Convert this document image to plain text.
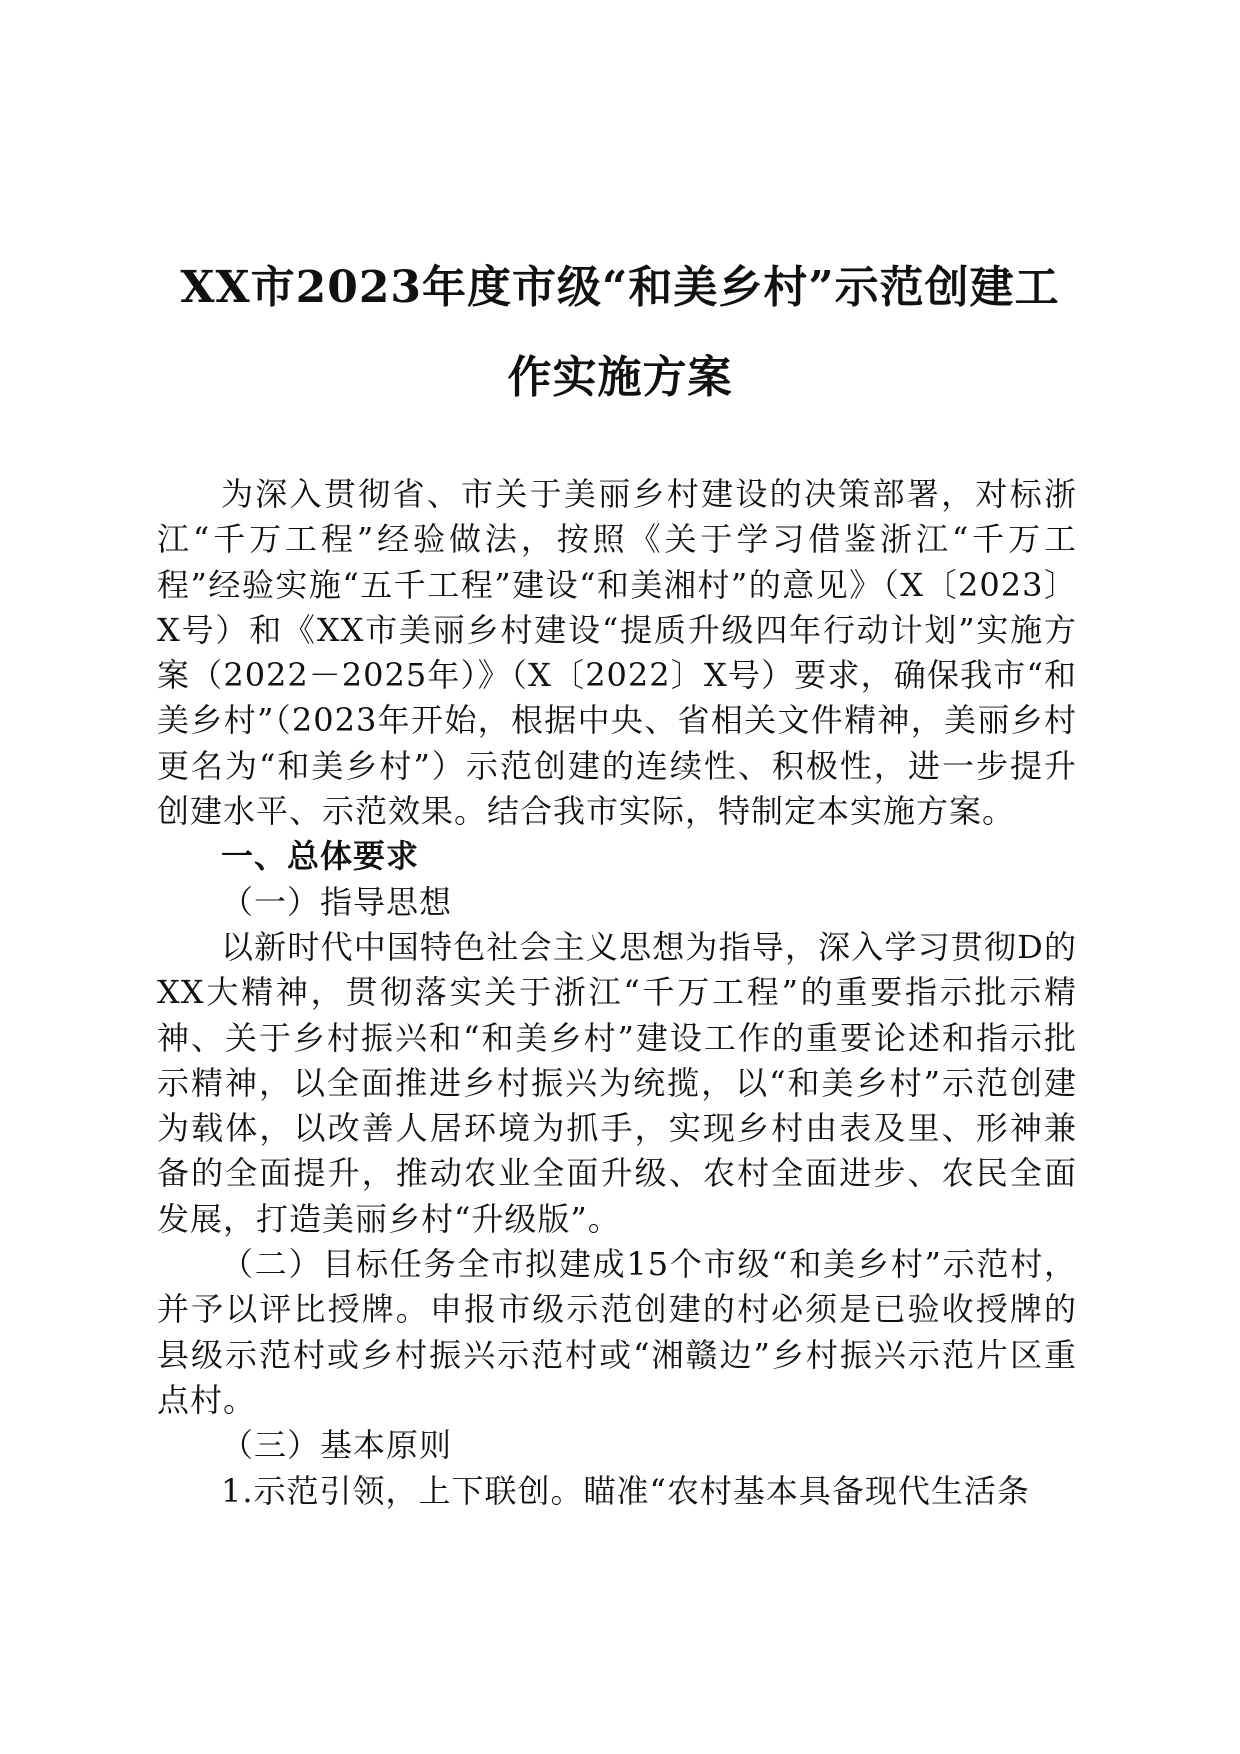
XX市2023年度市级“和美乡村”示范创建工
作实施方案

为深入贯彻省、市关于美丽乡村建设的决策部署，对标浙江“千万工程”经验做法，按照《关于学习借鉴浙江“千万工程”经验实施“五千工程”建设“和美湘村”的意见》（X〔2023〕X号）和《XX市美丽乡村建设“提质升级四年行动计划”实施方案（2022－2025年）》（X〔2022〕X号）要求，确保我市“和美乡村”（2023年开始，根据中央、省相关文件精神，美丽乡村更名为“和美乡村”）示范创建的连续性、积极性，进一步提升创建水平、示范效果。结合我市实际，特制定本实施方案。

一、总体要求

（一）指导思想

以新时代中国特色社会主义思想为指导，深入学习贯彻D的XX大精神，贯彻落实关于浙江“千万工程”的重要指示批示精神、关于乡村振兴和“和美乡村”建设工作的重要论述和指示批示精神，以全面推进乡村振兴为统揽，以“和美乡村”示范创建为载体，以改善人居环境为抓手，实现乡村由表及里、形神兼备的全面提升，推动农业全面升级、农村全面进步、农民全面发展，打造美丽乡村“升级版”。

（二）目标任务全市拟建成15个市级“和美乡村”示范村，并予以评比授牌。申报市级示范创建的村必须是已验收授牌的县级示范村或乡村振兴示范村或“湘赣边”乡村振兴示范片区重点村。

（三）基本原则

1.示范引领，上下联创。瞄准“农村基本具备现代生活条
